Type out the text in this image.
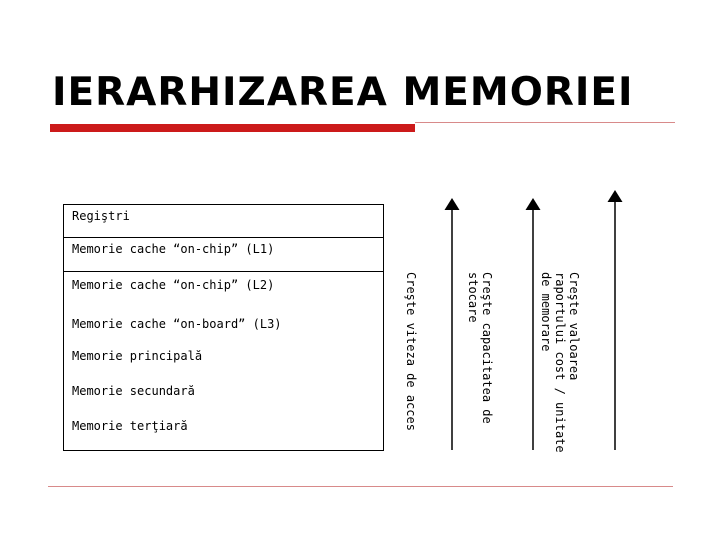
IERARHIZAREA MEMORIEI
Regiştri
Memorie cache “on-chip” (L1)
Memorie cache “on-chip” (L2)
Memorie cache “on-board” (L3)
Memorie principală
Memorie secundară
Memorie terţiară	Creşte viteza de acces	Creşte capacitatea de
stocare	Creşte valoarea
raportului cost / unitate
de memorare
